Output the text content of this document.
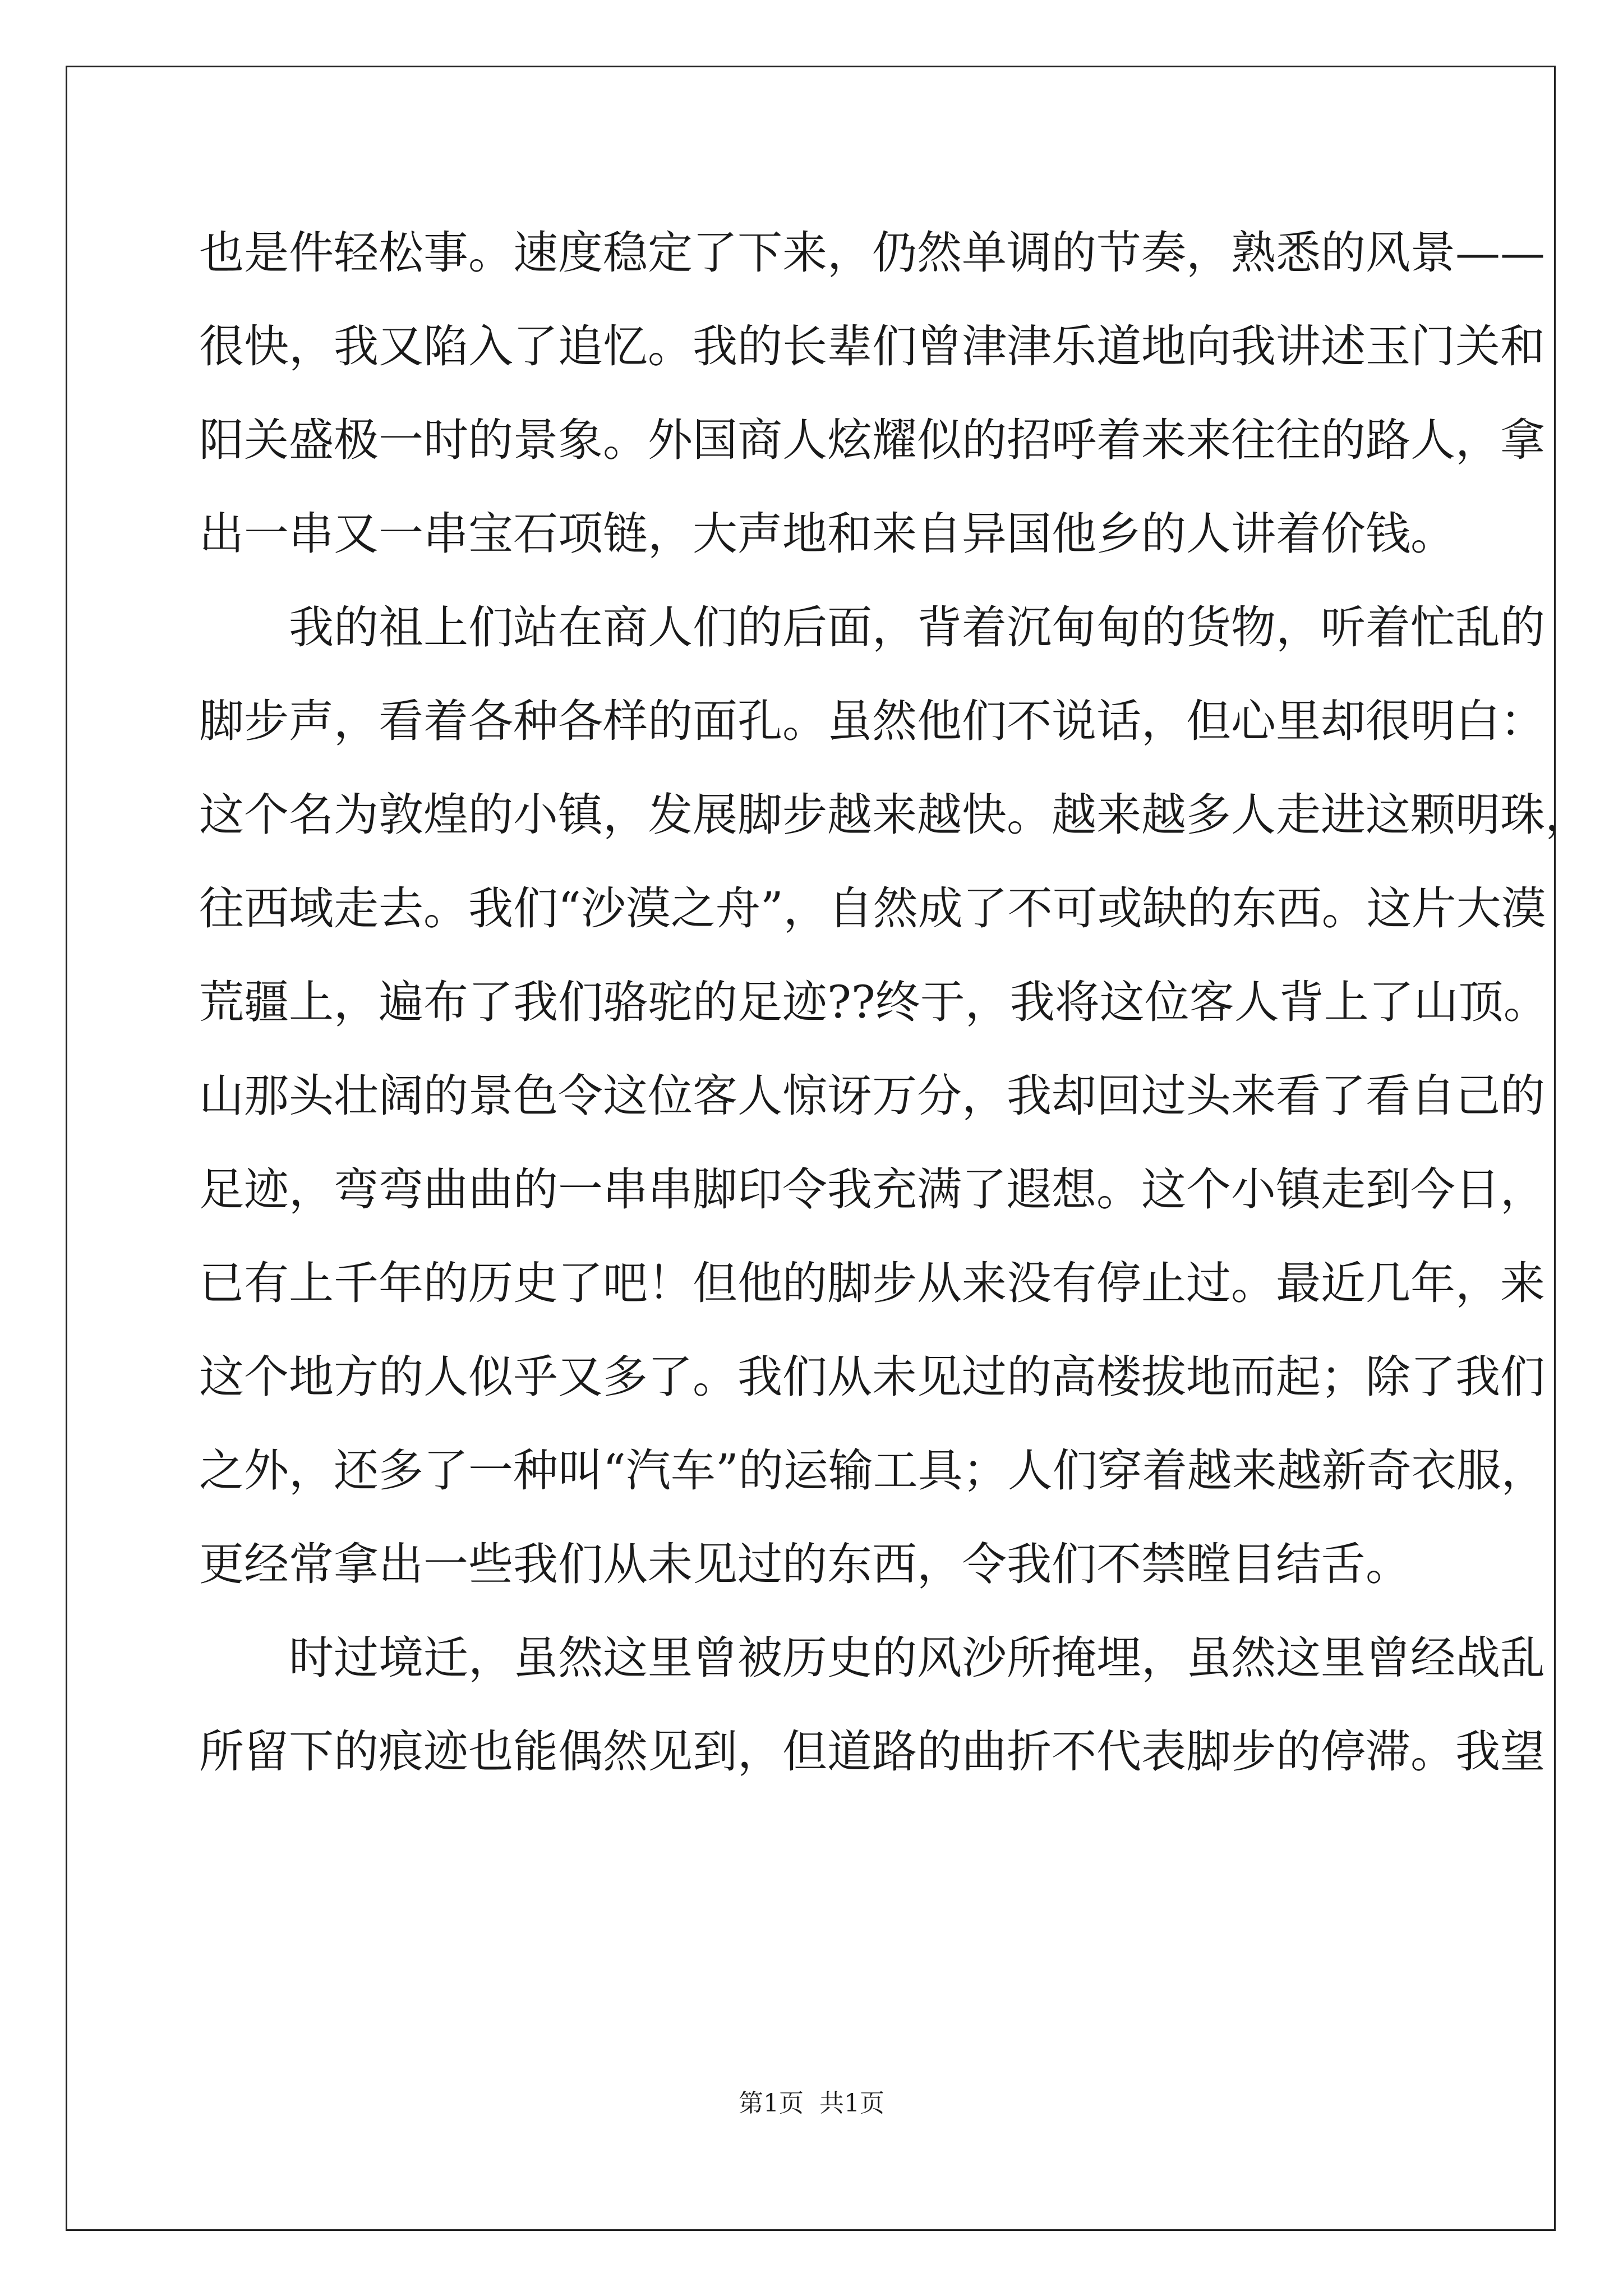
也是件轻松事。速度稳定了下来，仍然单调的节奏，熟悉的风景——
很快，我又陷入了追忆。我的长辈们曾津津乐道地向我讲述玉门关和
阳关盛极一时的景象。外国商人炫耀似的招呼着来来往往的路人，拿
出一串又一串宝石项链，大声地和来自异国他乡的人讲着价钱。
我的祖上们站在商人们的后面，背着沉甸甸的货物，听着忙乱的
脚步声，看着各种各样的面孔。虽然他们不说话，但心里却很明白：
这个名为敦煌的小镇，发展脚步越来越快。越来越多人走进这颗明珠，
往西域走去。我们“沙漠之舟”，自然成了不可或缺的东西。这片大漠
荒疆上，遍布了我们骆驼的足迹??终于，我将这位客人背上了山顶。
山那头壮阔的景色令这位客人惊讶万分，我却回过头来看了看自己的
足迹，弯弯曲曲的一串串脚印令我充满了遐想。这个小镇走到今日，
已有上千年的历史了吧！但他的脚步从来没有停止过。最近几年，来
这个地方的人似乎又多了。我们从未见过的高楼拔地而起；除了我们
之外，还多了一种叫“汽车”的运输工具；人们穿着越来越新奇衣服，
更经常拿出一些我们从未见过的东西，令我们不禁瞠目结舌。
时过境迁，虽然这里曾被历史的风沙所掩埋，虽然这里曾经战乱
所留下的痕迹也能偶然见到，但道路的曲折不代表脚步的停滞。我望
第1页 共1页
